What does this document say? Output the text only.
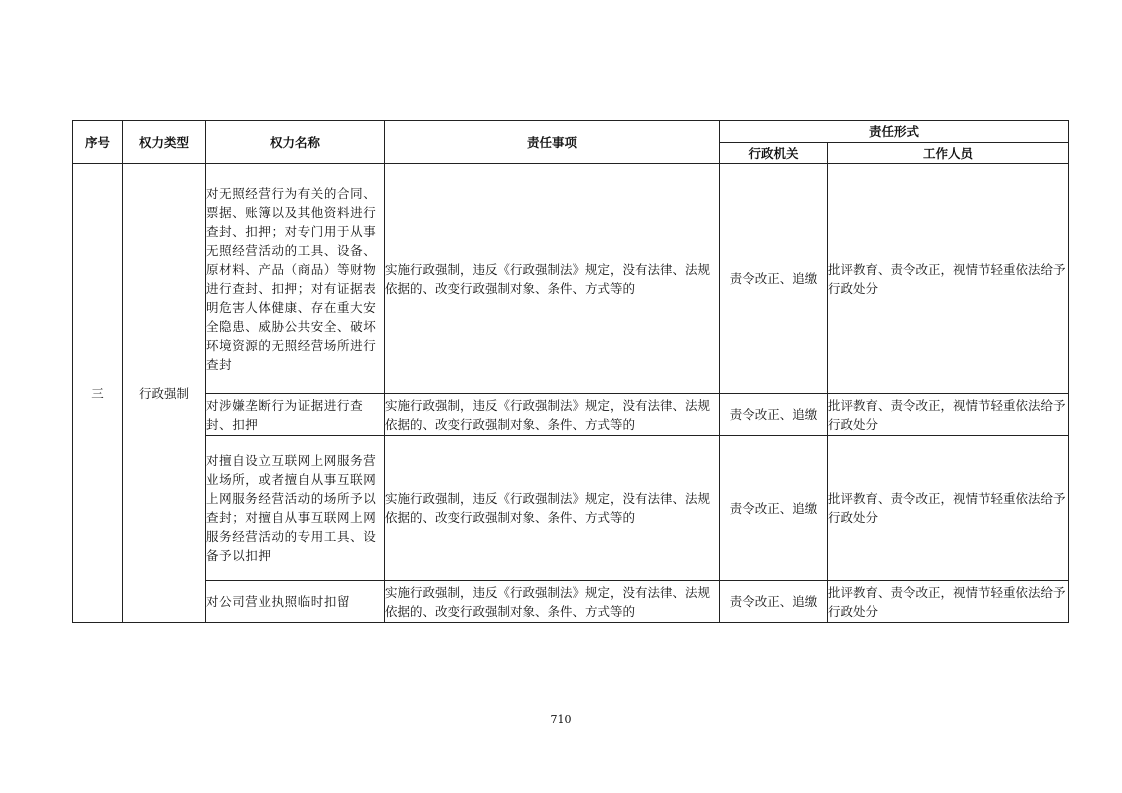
序号	权力类型	权力名称	责任事项	责任形式	
				行政机关	工作人员
三	行政强制	对无照经营行为有关的合同、票据、账簿以及其他资料进行查封、扣押；对专门用于从事无照经营活动的工具、设备、原材料、产品（商品）等财物进行查封、扣押；对有证据表明危害人体健康、存在重大安全隐患、威胁公共安全、破坏环境资源的无照经营场所进行查封	实施行政强制，违反《行政强制法》规定，没有法律、法规依据的、改变行政强制对象、条件、方式等的	责令改正、追缴	批评教育、责令改正，视情节轻重依法给予行政处分
		对涉嫌垄断行为证据进行查封、扣押	实施行政强制，违反《行政强制法》规定，没有法律、法规依据的、改变行政强制对象、条件、方式等的	责令改正、追缴	批评教育、责令改正，视情节轻重依法给予行政处分
		对擅自设立互联网上网服务营业场所，或者擅自从事互联网上网服务经营活动的场所予以查封；对擅自从事互联网上网服务经营活动的专用工具、设备予以扣押	实施行政强制，违反《行政强制法》规定，没有法律、法规依据的、改变行政强制对象、条件、方式等的	责令改正、追缴	批评教育、责令改正，视情节轻重依法给予行政处分
		对公司营业执照临时扣留	实施行政强制，违反《行政强制法》规定，没有法律、法规依据的、改变行政强制对象、条件、方式等的	责令改正、追缴	批评教育、责令改正，视情节轻重依法给予行政处分
710
